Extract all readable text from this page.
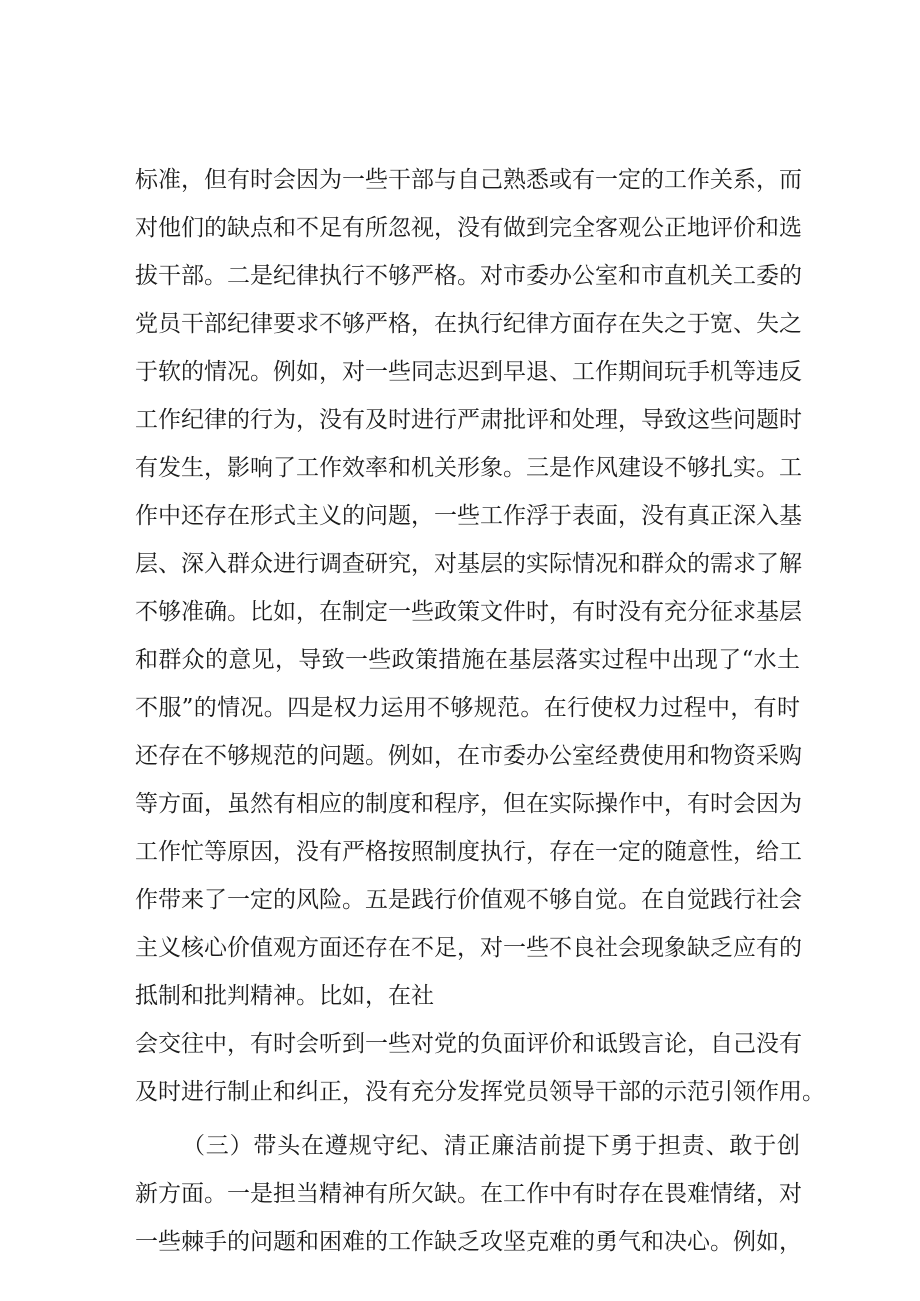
标准，但有时会因为一些干部与自己熟悉或有一定的工作关系，而
对他们的缺点和不足有所忽视，没有做到完全客观公正地评价和选
拔干部。二是纪律执行不够严格。对市委办公室和市直机关工委的
党员干部纪律要求不够严格，在执行纪律方面存在失之于宽、失之
于软的情况。例如，对一些同志迟到早退、工作期间玩手机等违反
工作纪律的行为，没有及时进行严肃批评和处理，导致这些问题时
有发生，影响了工作效率和机关形象。三是作风建设不够扎实。工
作中还存在形式主义的问题，一些工作浮于表面，没有真正深入基
层、深入群众进行调查研究，对基层的实际情况和群众的需求了解
不够准确。比如，在制定一些政策文件时，有时没有充分征求基层
和群众的意见，导致一些政策措施在基层落实过程中出现了“水土
不服”的情况。四是权力运用不够规范。在行使权力过程中，有时
还存在不够规范的问题。例如，在市委办公室经费使用和物资采购
等方面，虽然有相应的制度和程序，但在实际操作中，有时会因为
工作忙等原因，没有严格按照制度执行，存在一定的随意性，给工
作带来了一定的风险。五是践行价值观不够自觉。在自觉践行社会
主义核心价值观方面还存在不足，对一些不良社会现象缺乏应有的
抵制和批判精神。比如，在社
会交往中，有时会听到一些对党的负面评价和诋毁言论，自己没有
及时进行制止和纠正，没有充分发挥党员领导干部的示范引领作用。
（三）带头在遵规守纪、清正廉洁前提下勇于担责、敢于创
新方面。一是担当精神有所欠缺。在工作中有时存在畏难情绪，对
一些棘手的问题和困难的工作缺乏攻坚克难的勇气和决心。例如，
